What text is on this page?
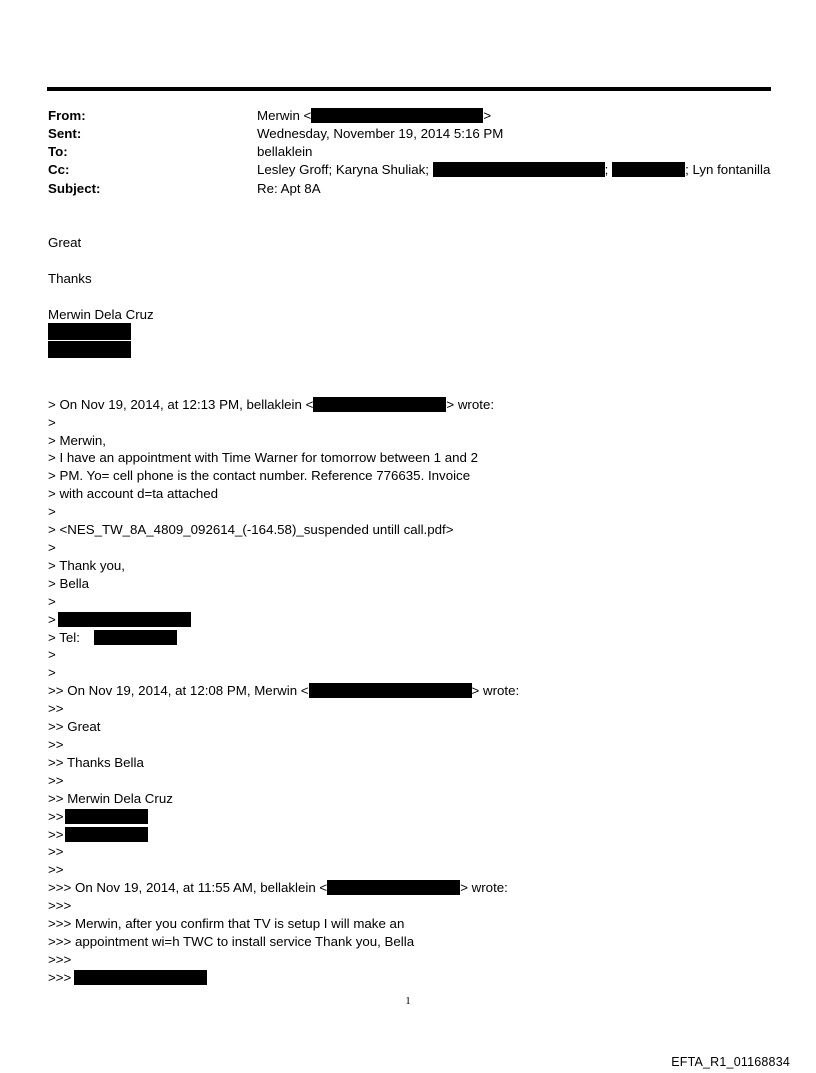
From:	Merwin <	>
Sent:	Wednesday, November 19, 2014 5:16 PM
To:	bellaklein
Cc:	Lesley Groff; Karyna Shuliak;	;	; Lyn fontanilla
Subject:	Re: Apt 8A
Great
Thanks
Merwin Dela Cruz
> On Nov 19, 2014, at 12:13 PM, bellaklein <	> wrote:
>
> Merwin,
> I have an appointment with Time Warner for tomorrow between 1 and 2
> PM. Yo= cell phone is the contact number. Reference 776635. Invoice
> with account d=ta attached
>
> <NES_TW_8A_4809_092614_(-164.58)_suspended untill call.pdf>
>
> Thank you,
> Bella
>
>
> Tel:
>
>
>> On Nov 19, 2014, at 12:08 PM, Merwin <	> wrote:
>>
>> Great
>>
>> Thanks Bella
>>
>> Merwin Dela Cruz
>>
>>
>>
>>
>>> On Nov 19, 2014, at 11:55 AM, bellaklein <	> wrote:
>>>
>>> Merwin, after you confirm that TV is setup I will make an
>>> appointment wi=h TWC to install service Thank you, Bella
>>>
>>>
1
EFTA_R1_01168834
